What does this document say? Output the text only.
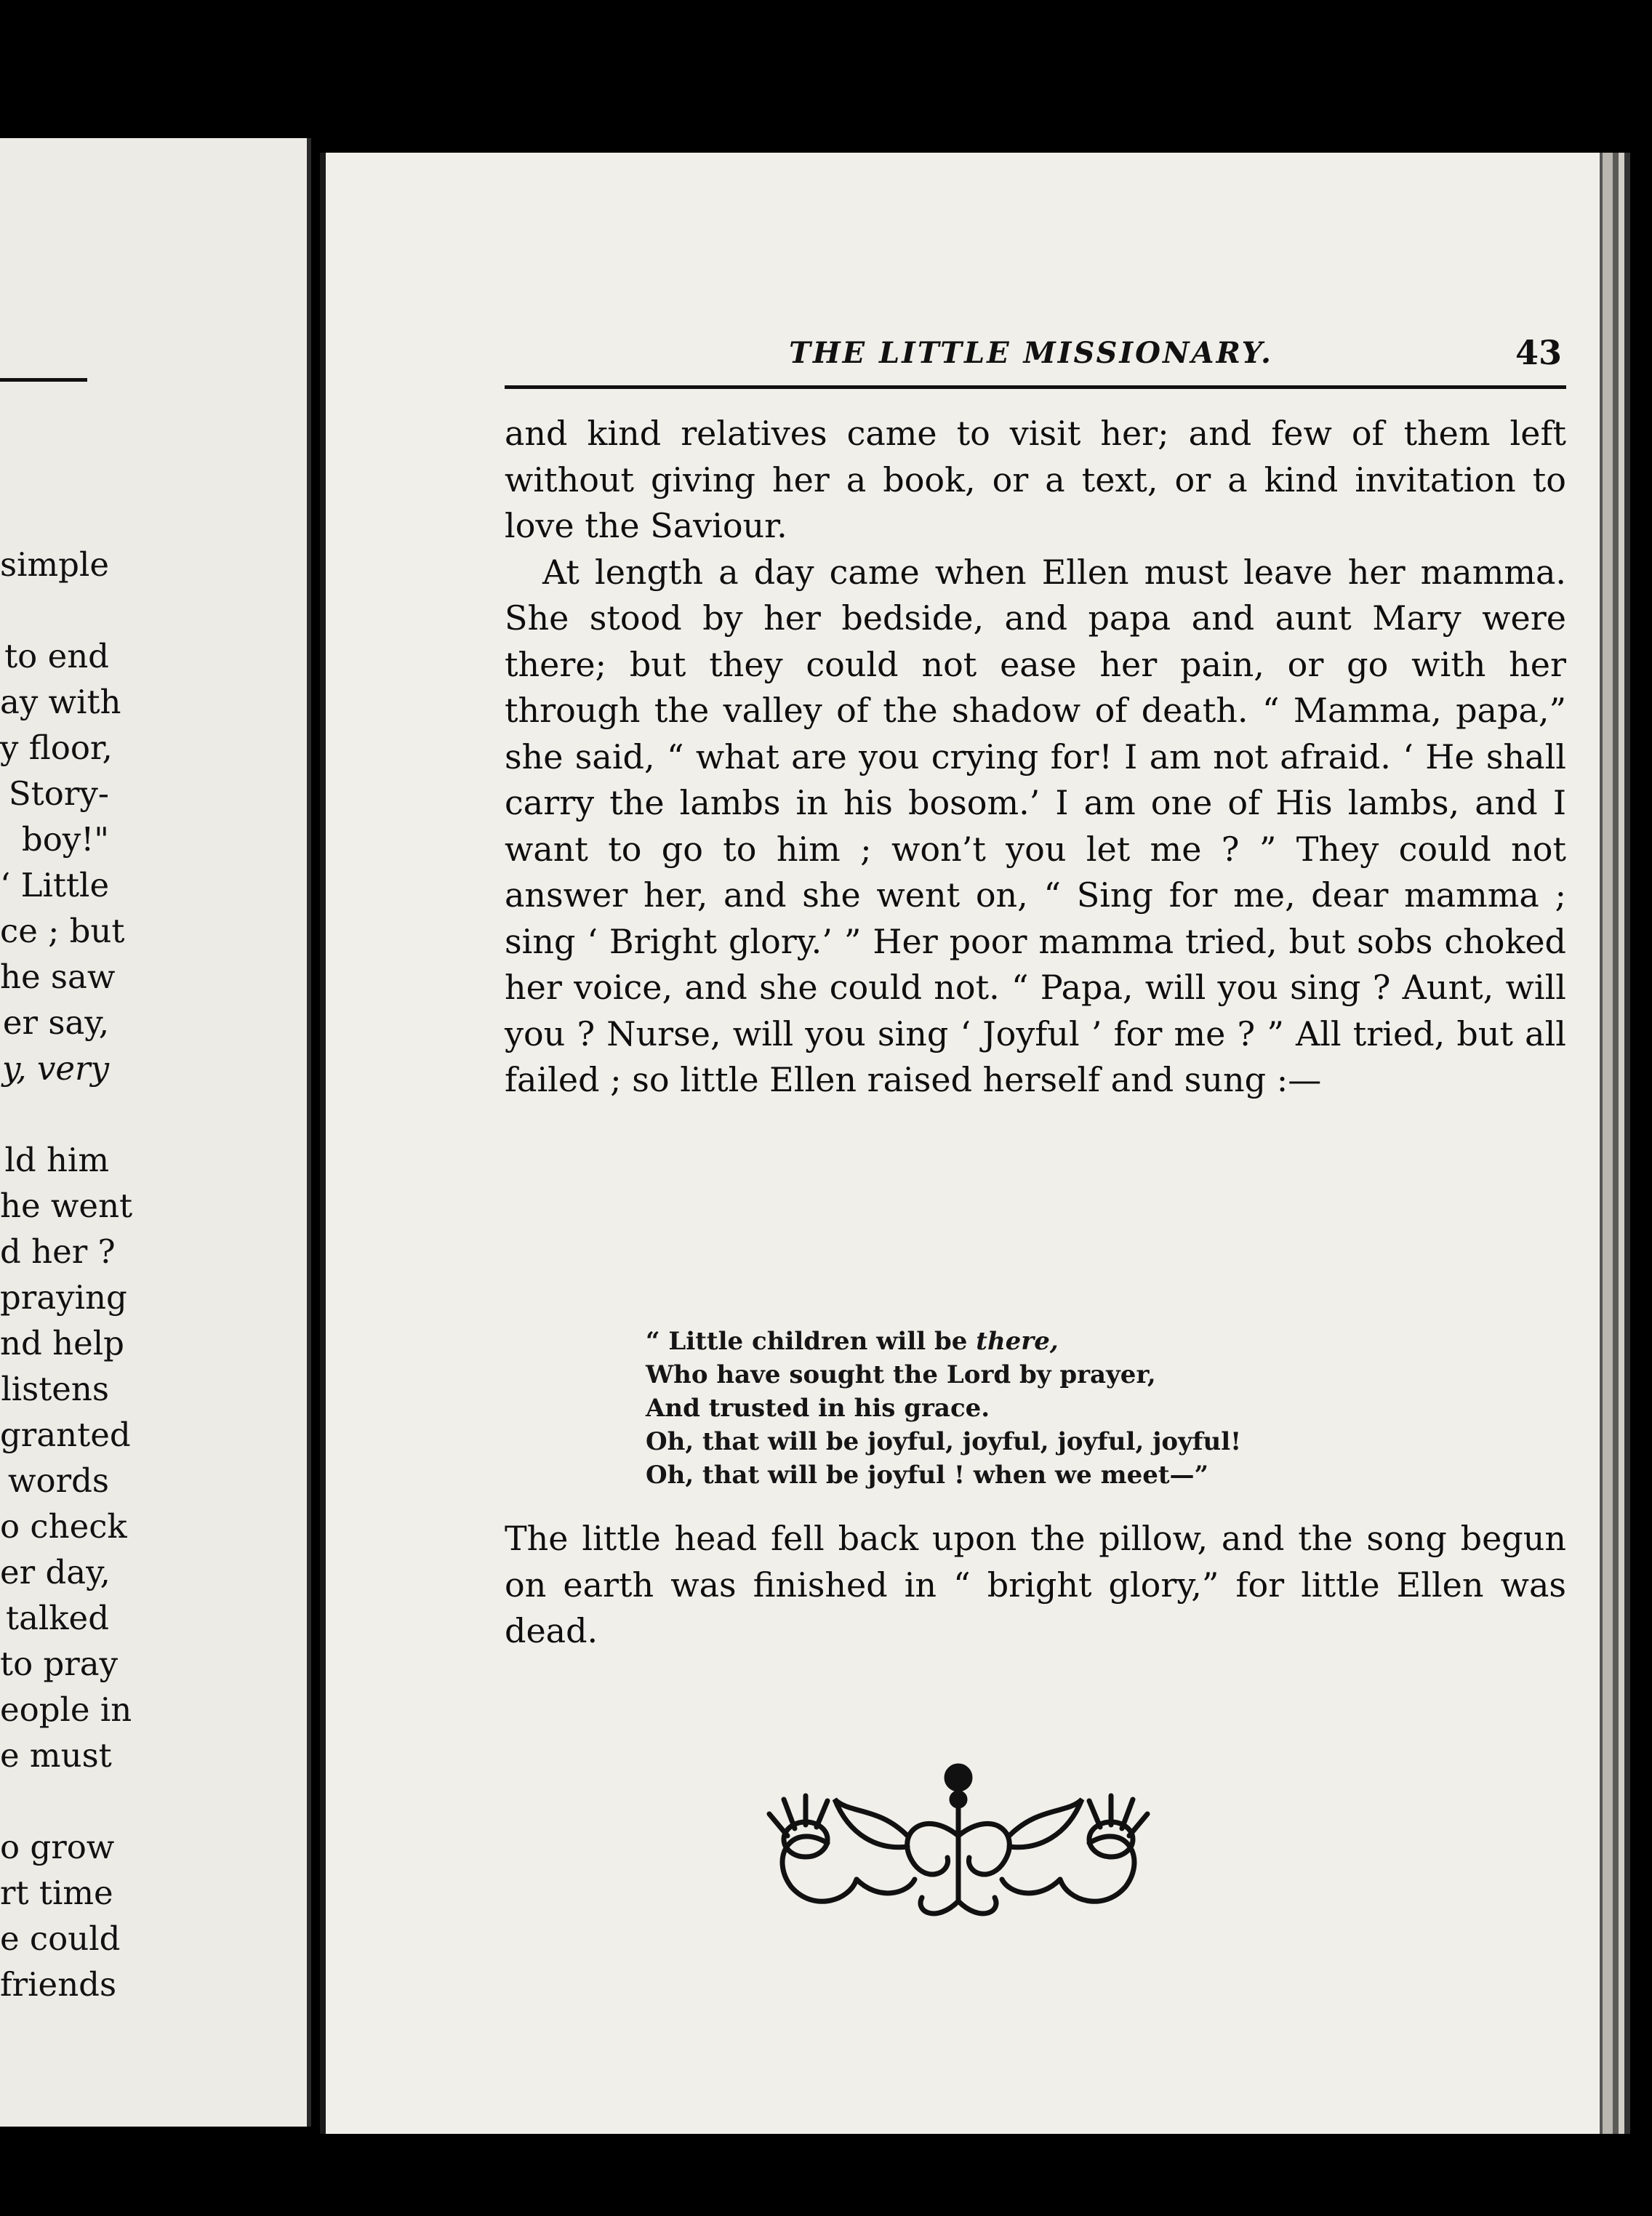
simple
to end
ay with
y floor,
Story-
boy!"
‘ Little
ce ; but
he saw
er say,
y, very
ld him
he went
d her ?
praying
nd help
listens
granted
words
o check
er day,
talked
to pray
eople in
e must
o grow
rt time
e could
friends
THE LITTLE MISSIONARY.	43

and kind relatives came to visit her; and few of them left without giving her a book, or a text, or a kind invitation to love the Saviour.

At length a day came when Ellen must leave her mamma. She stood by her bedside, and papa and aunt Mary were there; but they could not ease her pain, or go with her through the valley of the shadow of death. “ Mamma, papa,” she said, “ what are you crying for! I am not afraid. ‘ He shall carry the lambs in his bosom.’ I am one of His lambs, and I want to go to him ; won’t you let me ? ” They could not answer her, and she went on, “ Sing for me, dear mamma ; sing ‘ Bright glory.’ ” Her poor mamma tried, but sobs choked her voice, and she could not. “ Papa, will you sing ? Aunt, will you ? Nurse, will you sing ‘ Joyful ’ for me ? ” All tried, but all failed ; so little Ellen raised herself and sung :—

“ Little children will be there,
Who have sought the Lord by prayer,
And trusted in his grace.
Oh, that will be joyful, joyful, joyful, joyful!
Oh, that will be joyful ! when we meet—”

The little head fell back upon the pillow, and the song begun on earth was finished in “ bright glory,” for little Ellen was dead.
